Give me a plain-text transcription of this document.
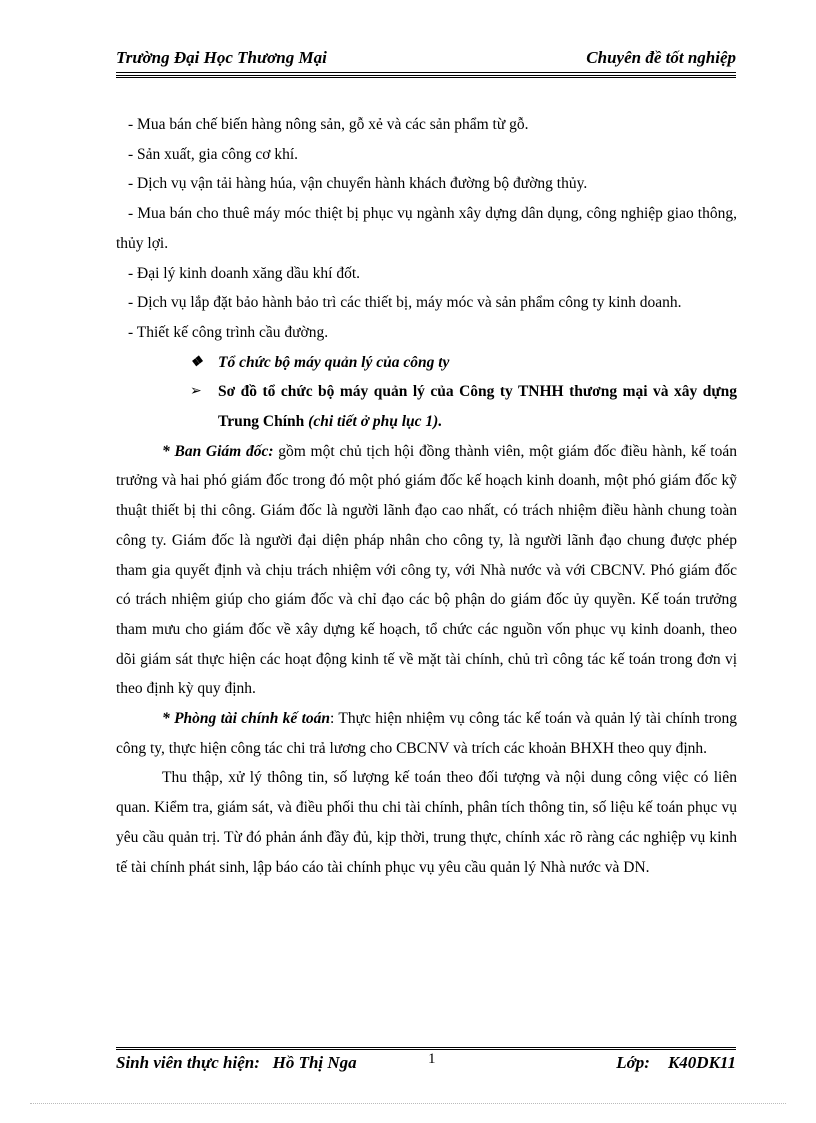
Trường Đại Học Thương Mại	Chuyên đề tốt nghiệp

- Mua bán chế biến hàng nông sản, gỗ xẻ và các sản phẩm từ gỗ.

- Sản xuất, gia công cơ khí.

- Dịch vụ vận tải hàng húa, vận chuyển hành khách đường bộ đường thủy.

- Mua bán cho thuê máy móc thiệt bị phục vụ ngành xây dựng dân dụng, công nghiệp giao thông, thủy lợi.

- Đại lý kinh doanh xăng dầu khí đốt.

- Dịch vụ lắp đặt bảo hành bảo trì các thiết bị, máy móc và sản phẩm công ty kinh doanh.

- Thiết kế công trình cầu đường.

❖ Tổ chức bộ máy quản lý của công ty
➢ Sơ đồ tổ chức bộ máy quản lý của Công ty TNHH thương mại và xây dựng Trung Chính (chi tiết ở phụ lục 1).

* Ban Giám đốc: gồm một chủ tịch hội đồng thành viên, một giám đốc điều hành, kế toán trưởng và hai phó giám đốc trong đó một phó giám đốc kế hoạch kinh doanh, một phó giám đốc kỹ thuật thiết bị thi công. Giám đốc là người lãnh đạo cao nhất, có trách nhiệm điều hành chung toàn công ty. Giám đốc là người đại diện pháp nhân cho công ty, là người lãnh đạo chung được phép tham gia quyết định và chịu trách nhiệm với công ty, với Nhà nước và với CBCNV. Phó giám đốc có trách nhiệm giúp cho giám đốc và chỉ đạo các bộ phận do giám đốc ủy quyền. Kế toán trưởng tham mưu cho giám đốc về xây dựng kế hoạch, tổ chức các nguồn vốn phục vụ kinh doanh, theo dõi giám sát thực hiện các hoạt động kinh tế về mặt tài chính, chủ trì công tác kế toán trong đơn vị theo định kỳ quy định.

* Phòng tài chính kế toán: Thực hiện nhiệm vụ công tác kế toán và quản lý tài chính trong công ty, thực hiện công tác chi trả lương cho CBCNV và trích các khoản BHXH theo quy định.

Thu thập, xử lý thông tin, số lượng kế toán theo đối tượng và nội dung công việc có liên quan. Kiểm tra, giám sát, và điều phối thu chi tài chính, phân tích thông tin, số liệu kế toán phục vụ yêu cầu quản trị. Từ đó phản ánh đầy đủ, kịp thời, trung thực, chính xác rõ ràng các nghiệp vụ kinh tế tài chính phát sinh, lập báo cáo tài chính phục vụ yêu cầu quản lý Nhà nước và DN.

Sinh viên thực hiện: Hồ Thị Nga	1	Lớp: K40DK11
